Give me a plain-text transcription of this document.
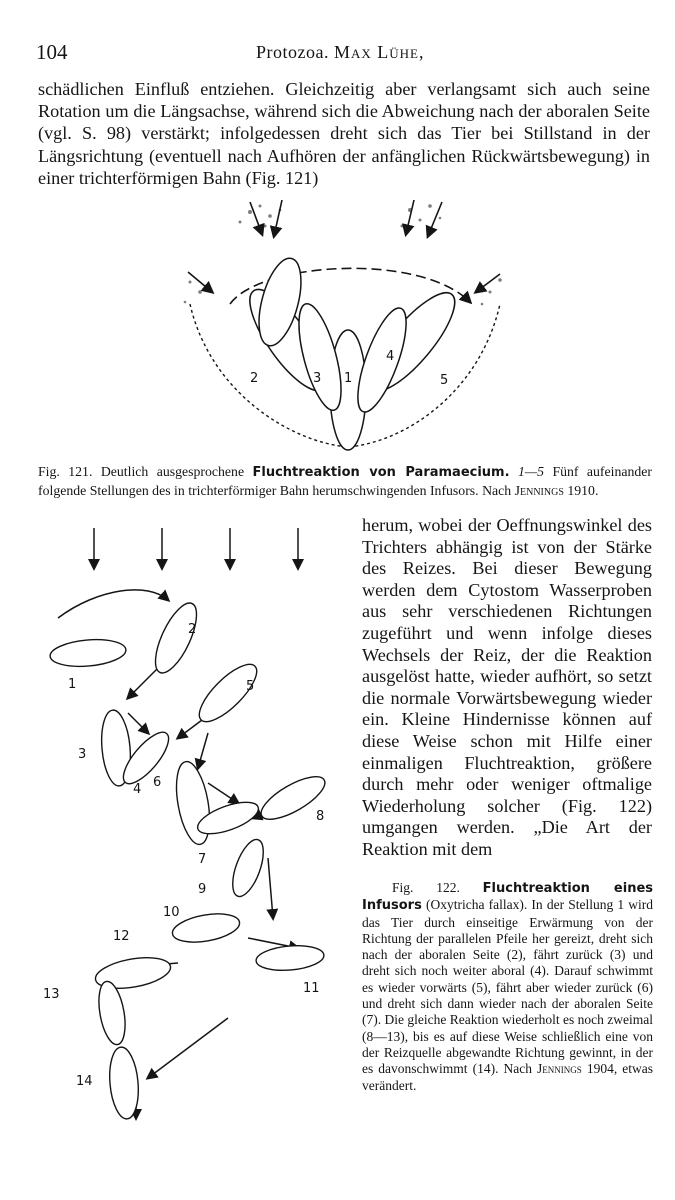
104	Protozoa. Max Lühe,

schädlichen Einfluß entziehen. Gleichzeitig aber verlangsamt sich auch seine Rotation um die Längsachse, während sich die Abweichung nach der aboralen Seite (vgl. S. 98) verstärkt; infolgedessen dreht sich das Tier bei Stillstand in der Längsrichtung (eventuell nach Aufhören der anfänglichen Rückwärtsbewegung) in einer trichterförmigen Bahn (Fig. 121)

1
2	3
4
5

Fig. 121. Deutlich ausgesprochene Fluchtreaktion von Paramaecium. 1—5 Fünf aufeinander folgende Stellungen des in trichterförmiger Bahn herumschwingenden Infusors. Nach Jennings 1910.

1
2
3
4
5
6
7
8
9
10
11
12
13
14

herum, wobei der Oeffnungswinkel des Trichters abhängig ist von der Stärke des Reizes. Bei dieser Bewegung werden dem Cytostom Wasserproben aus sehr verschiedenen Richtungen zugeführt und wenn infolge dieses Wechsels der Reiz, der die Reaktion ausgelöst hatte, wieder aufhört, so setzt die normale Vorwärtsbewegung wieder ein. Kleine Hindernisse können auf diese Weise schon mit Hilfe einer einmaligen Fluchtreaktion, größere durch mehr oder weniger oftmalige Wiederholung solcher (Fig. 122) umgangen werden. „Die Art der Reaktion mit dem

Fig. 122. Fluchtreaktion eines Infusors (Oxytricha fallax). In der Stellung 1 wird das Tier durch einseitige Erwärmung von der Richtung der parallelen Pfeile her gereizt, dreht sich nach der aboralen Seite (2), fährt zurück (3) und dreht sich noch weiter aboral (4). Darauf schwimmt es wieder vorwärts (5), fährt aber wieder zurück (6) und dreht sich dann wieder nach der aboralen Seite (7). Die gleiche Reaktion wiederholt es noch zweimal (8—13), bis es auf diese Weise schließlich eine von der Reizquelle abgewandte Richtung gewinnt, in der es davonschwimmt (14). Nach Jennings 1904, etwas verändert.
